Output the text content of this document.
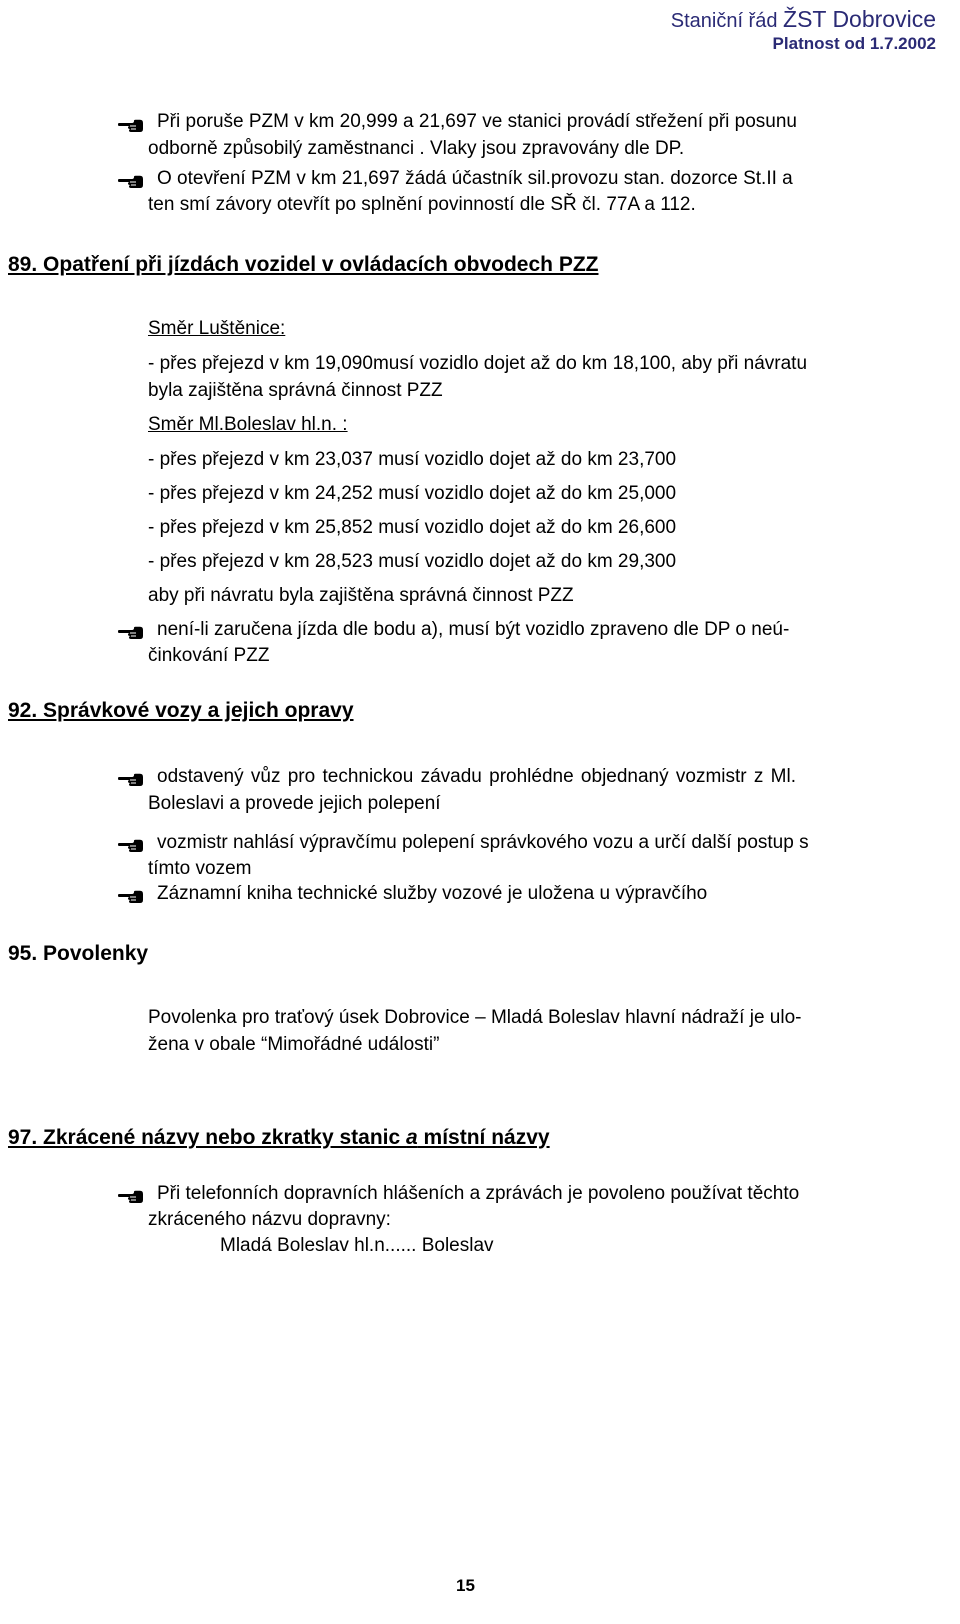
Staniční řád ŽST Dobrovice
Platnost od 1.7.2002
Při poruše PZM v km 20,999 a 21,697 ve stanici provádí střežení při posunu
odborně způsobilý zaměstnanci . Vlaky jsou zpravovány dle DP.
O otevření PZM v km 21,697 žádá účastník sil.provozu stan. dozorce St.II a
ten smí závory otevřít po splnění povinností dle SŘ čl. 77A a 112.
89. Opatření při jízdách vozidel v ovládacích obvodech PZZ
Směr Luštěnice:
- přes přejezd v km 19,090musí vozidlo dojet až do km 18,100, aby při návratu
byla zajištěna správná činnost PZZ
Směr Ml.Boleslav hl.n. :
- přes přejezd v km 23,037 musí vozidlo dojet až do km 23,700
- přes přejezd v km 24,252 musí vozidlo dojet až do km 25,000
- přes přejezd v km 25,852 musí vozidlo dojet až do km 26,600
- přes přejezd v km 28,523 musí vozidlo dojet až do km 29,300
aby při návratu byla zajištěna správná činnost PZZ
není-li zaručena jízda dle bodu a), musí být vozidlo zpraveno dle DP o neú-
činkování PZZ
92. Správkové vozy a jejich opravy
odstavený vůz pro technickou závadu prohlédne objednaný vozmistr z Ml.
Boleslavi a provede jejich polepení
vozmistr nahlásí výpravčímu polepení správkového vozu a určí další postup s
tímto vozem
Záznamní kniha technické služby vozové je uložena u výpravčího
95. Povolenky
Povolenka pro traťový úsek Dobrovice – Mladá Boleslav hlavní nádraží je ulo-
žena v obale “Mimořádné události”
97. Zkrácené názvy nebo zkratky stanic a místní názvy
Při telefonních dopravních hlášeních a zprávách je povoleno používat těchto
zkráceného názvu dopravny:
Mladá Boleslav hl.n...... Boleslav
15
